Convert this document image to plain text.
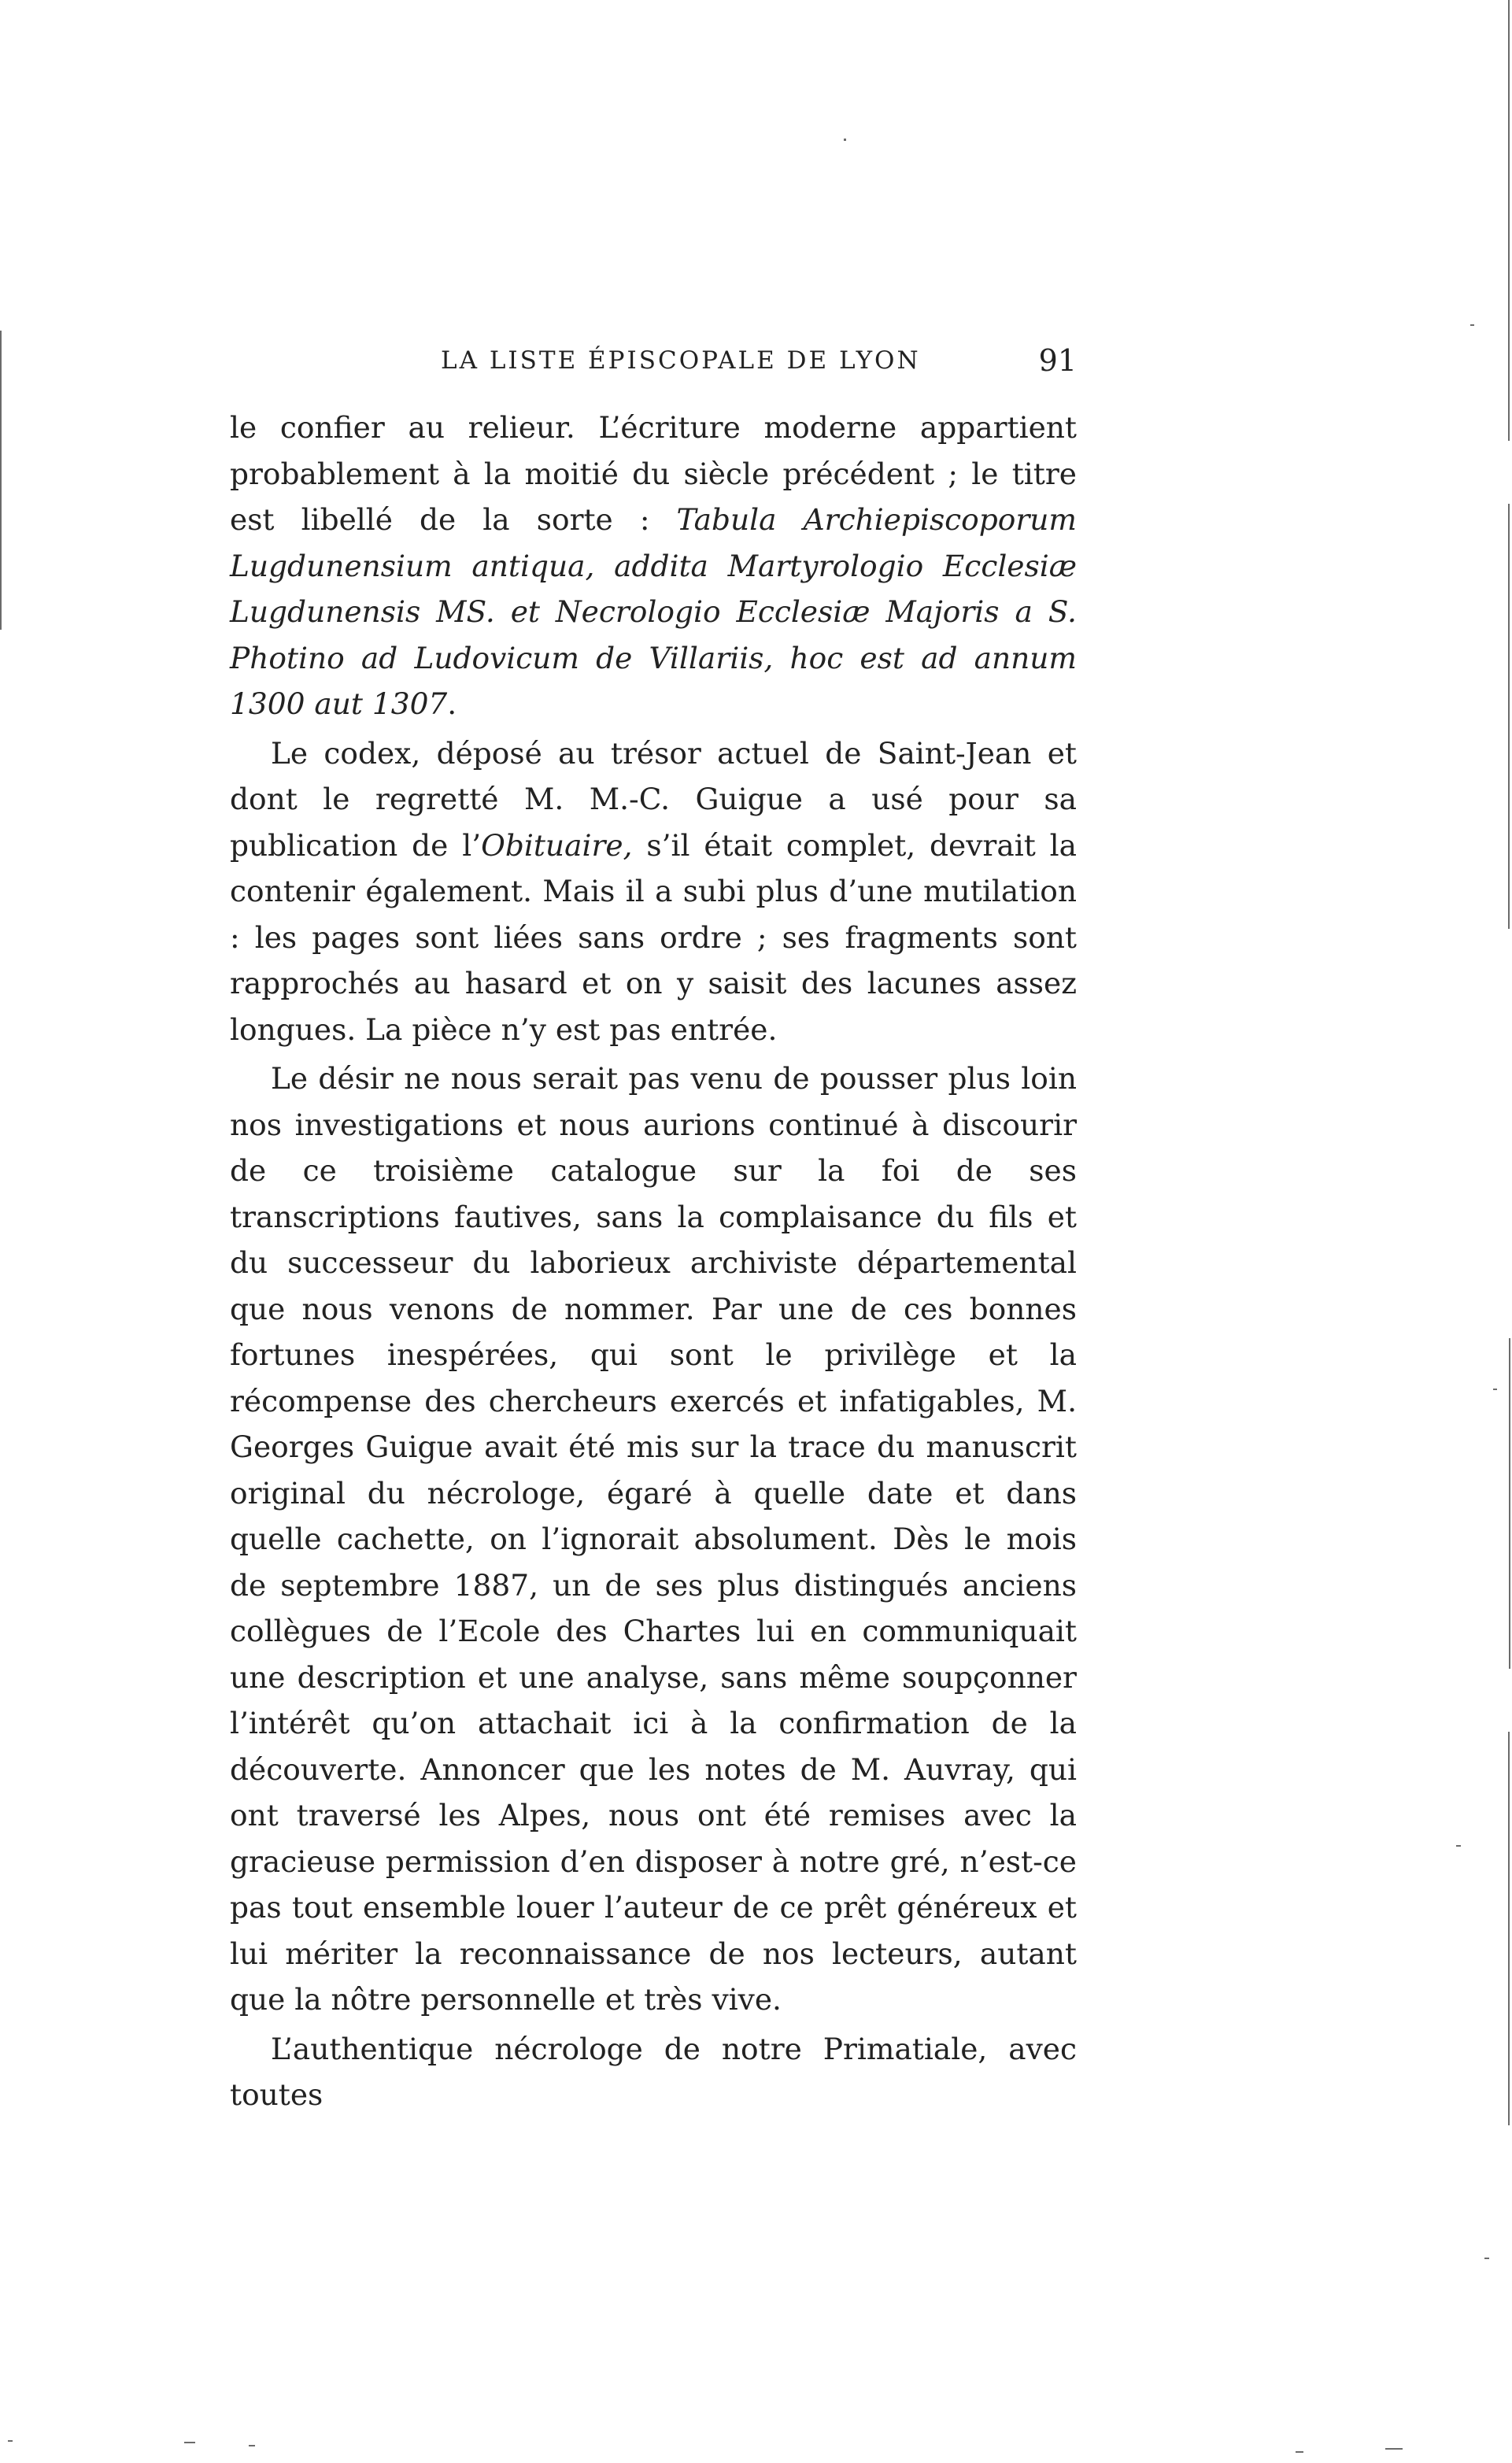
LA LISTE ÉPISCOPALE DE LYON	91

le confier au relieur. L’écriture moderne appartient probablement à la moitié du siècle précédent ; le titre est libellé de la sorte : Tabula Archiepiscoporum Lugdunensium antiqua, addita Martyrologio Ecclesiæ Lugdunensis MS. et Necrologio Ecclesiæ Majoris a S. Photino ad Ludovicum de Villariis, hoc est ad annum 1300 aut 1307.

Le codex, déposé au trésor actuel de Saint-Jean et dont le regretté M. M.-C. Guigue a usé pour sa publication de l’Obituaire, s’il était complet, devrait la contenir également. Mais il a subi plus d’une mutilation : les pages sont liées sans ordre ; ses fragments sont rapprochés au hasard et on y saisit des lacunes assez longues. La pièce n’y est pas entrée.

Le désir ne nous serait pas venu de pousser plus loin nos investigations et nous aurions continué à discourir de ce troisième catalogue sur la foi de ses transcriptions fautives, sans la complaisance du fils et du successeur du laborieux archiviste départemental que nous venons de nommer. Par une de ces bonnes fortunes inespérées, qui sont le privilège et la récompense des chercheurs exercés et infatigables, M. Georges Guigue avait été mis sur la trace du manuscrit original du nécrologe, égaré à quelle date et dans quelle cachette, on l’ignorait absolument. Dès le mois de septembre 1887, un de ses plus distingués anciens collègues de l’Ecole des Chartes lui en communiquait une description et une analyse, sans même soupçonner l’intérêt qu’on attachait ici à la confirmation de la découverte. Annoncer que les notes de M. Auvray, qui ont traversé les Alpes, nous ont été remises avec la gracieuse permission d’en disposer à notre gré, n’est-ce pas tout ensemble louer l’auteur de ce prêt généreux et lui mériter la reconnaissance de nos lecteurs, autant que la nôtre personnelle et très vive.

L’authentique nécrologe de notre Primatiale, avec toutes
